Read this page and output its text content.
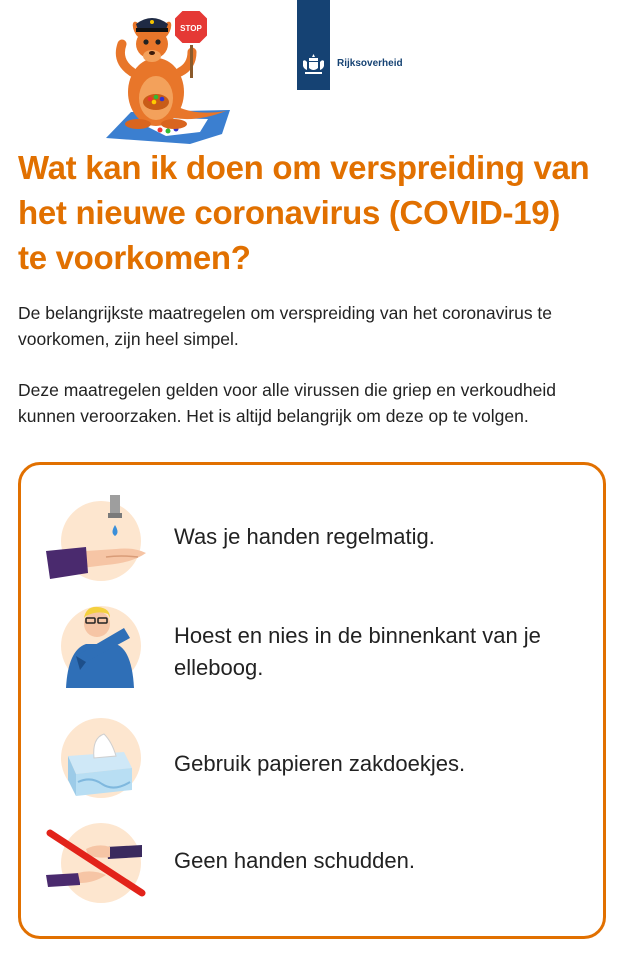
STOP
Rijksoverheid
Wat kan ik doen om verspreiding van
het nieuwe coronavirus (COVID-19)
te voorkomen?
De belangrijkste maatregelen om verspreiding van het coronavirus te
voorkomen, zijn heel simpel.
Deze maatregelen gelden voor alle virussen die griep en verkoudheid
kunnen veroorzaken. Het is altijd belangrijk om deze op te volgen.
Was je handen regelmatig.
Hoest en nies in de binnenkant van je
elleboog.
Gebruik papieren zakdoekjes.
Geen handen schudden.
